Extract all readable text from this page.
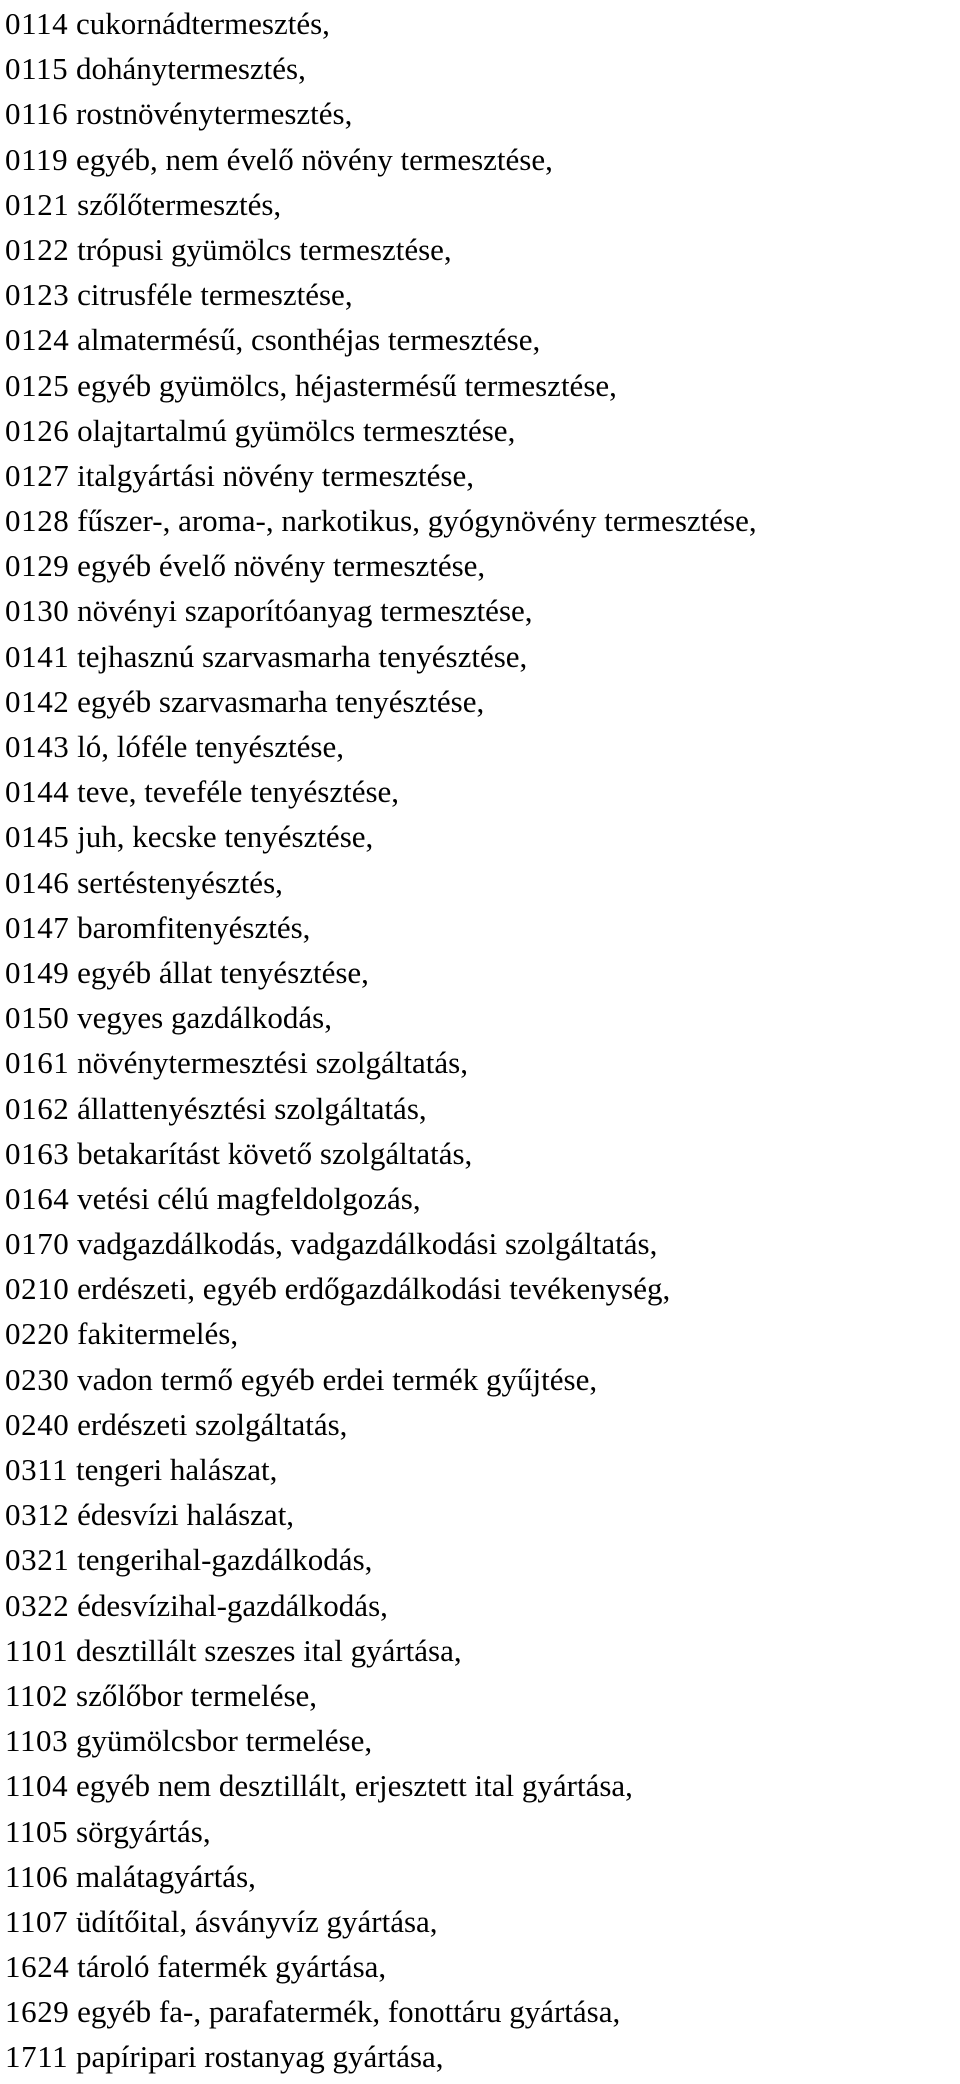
0114 cukornádtermesztés,
0115 dohánytermesztés,
0116 rostnövénytermesztés,
0119 egyéb, nem évelő növény termesztése,
0121 szőlőtermesztés,
0122 trópusi gyümölcs termesztése,
0123 citrusféle termesztése,
0124 almatermésű, csonthéjas termesztése,
0125 egyéb gyümölcs, héjastermésű termesztése,
0126 olajtartalmú gyümölcs termesztése,
0127 italgyártási növény termesztése,
0128 fűszer-, aroma-, narkotikus, gyógynövény termesztése,
0129 egyéb évelő növény termesztése,
0130 növényi szaporítóanyag termesztése,
0141 tejhasznú szarvasmarha tenyésztése,
0142 egyéb szarvasmarha tenyésztése,
0143 ló, lóféle tenyésztése,
0144 teve, teveféle tenyésztése,
0145 juh, kecske tenyésztése,
0146 sertéstenyésztés,
0147 baromfitenyésztés,
0149 egyéb állat tenyésztése,
0150 vegyes gazdálkodás,
0161 növénytermesztési szolgáltatás,
0162 állattenyésztési szolgáltatás,
0163 betakarítást követő szolgáltatás,
0164 vetési célú magfeldolgozás,
0170 vadgazdálkodás, vadgazdálkodási szolgáltatás,
0210 erdészeti, egyéb erdőgazdálkodási tevékenység,
0220 fakitermelés,
0230 vadon termő egyéb erdei termék gyűjtése,
0240 erdészeti szolgáltatás,
0311 tengeri halászat,
0312 édesvízi halászat,
0321 tengerihal-gazdálkodás,
0322 édesvízihal-gazdálkodás,
1101 desztillált szeszes ital gyártása,
1102 szőlőbor termelése,
1103 gyümölcsbor termelése,
1104 egyéb nem desztillált, erjesztett ital gyártása,
1105 sörgyártás,
1106 malátagyártás,
1107 üdítőital, ásványvíz gyártása,
1624 tároló fatermék gyártása,
1629 egyéb fa-, parafatermék, fonottáru gyártása,
1711 papíripari rostanyag gyártása,
